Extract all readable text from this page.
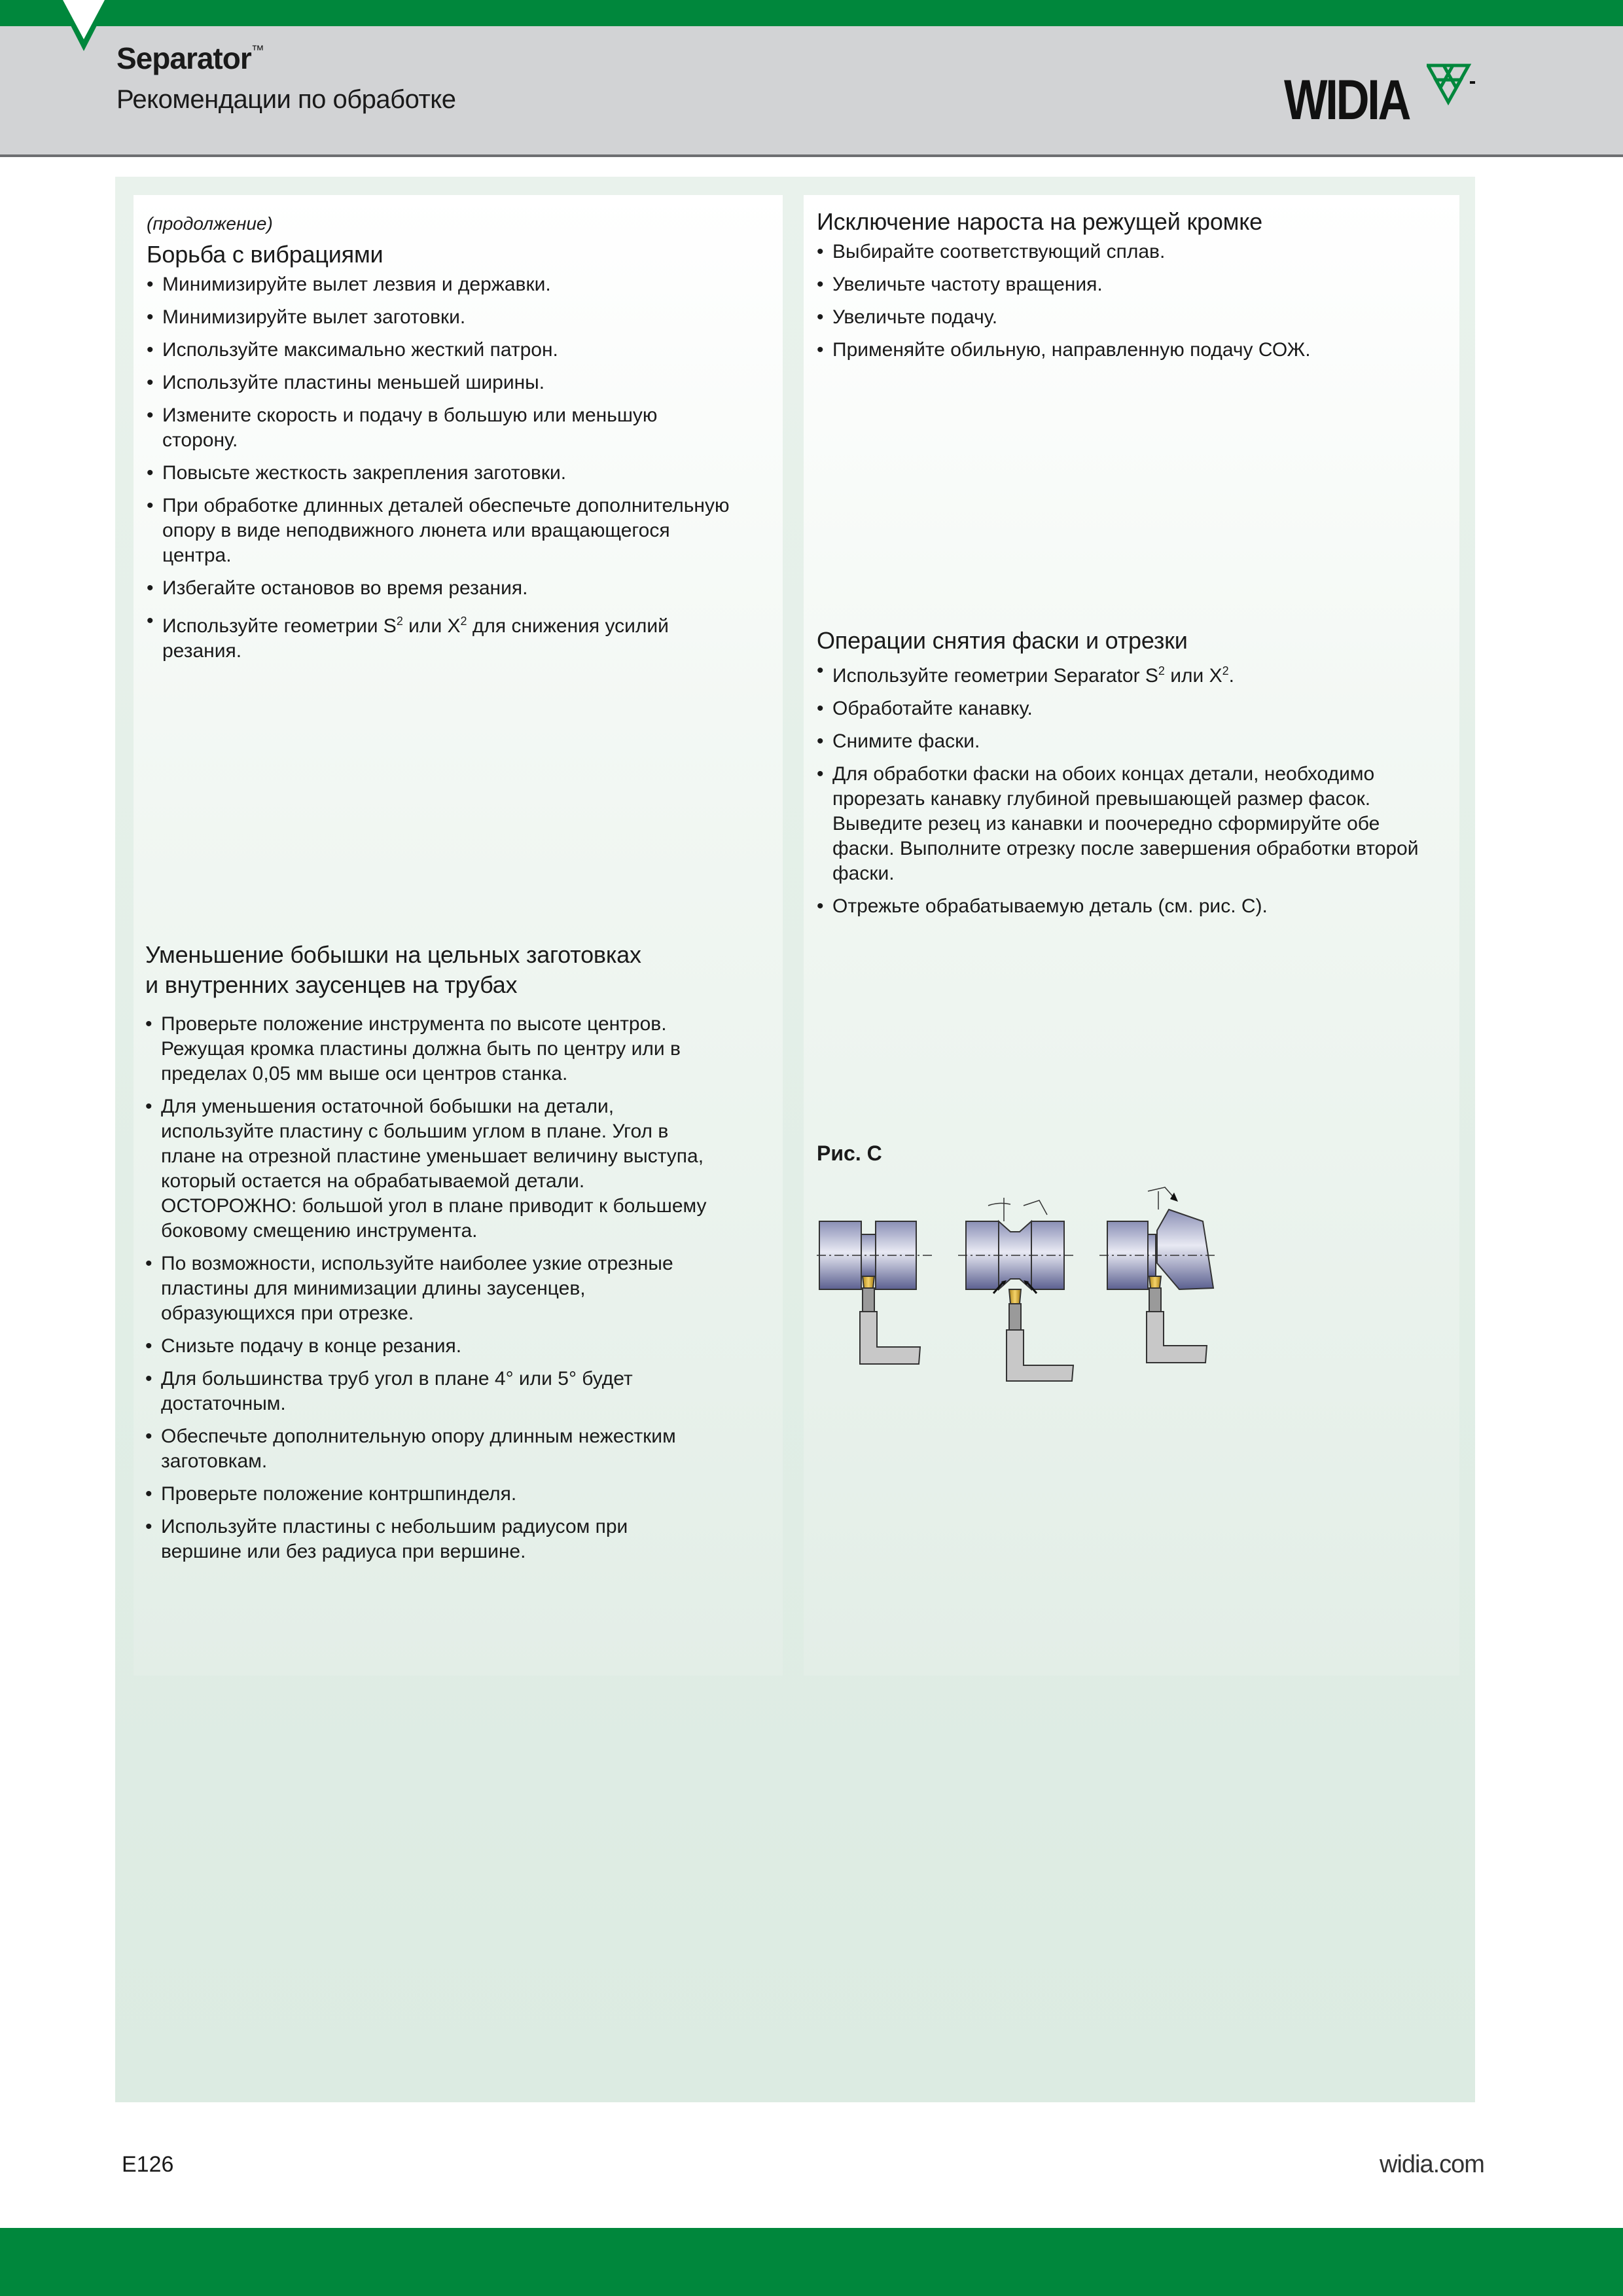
Separator™
Рекомендации по обработке	WIDIA
(продолжение)
Борьба с вибрациями
• Минимизируйте вылет лезвия и державки.
• Минимизируйте вылет заготовки.
• Используйте максимально жесткий патрон.
• Используйте пластины меньшей ширины.
• Измените скорость и подачу в большую или меньшую сторону.
• Повысьте жесткость закрепления заготовки.
• При обработке длинных деталей обеспечьте дополнительную опору в виде неподвижного люнета или вращающегося центра.
• Избегайте остановов во время резания.
• Используйте геометрии $S^2$ или $X^2$ для снижения усилий резания.
Уменьшение бобышки на цельных заготовках
и внутренних заусенцев на трубах
• Проверьте положение инструмента по высоте центров. Режущая кромка пластины должна быть по центру или в пределах 0,05 мм выше оси центров станка.
• Для уменьшения остаточной бобышки на детали, используйте пластину с большим углом в плане. Угол в плане на отрезной пластине уменьшает величину выступа, который остается на обрабатываемой детали. ОСТОРОЖНО: большой угол в плане приводит к большему боковому смещению инструмента.
• По возможности, используйте наиболее узкие отрезные пластины для минимизации длины заусенцев, образующихся при отрезке.
• Снизьте подачу в конце резания.
• Для большинства труб угол в плане 4° или 5° будет достаточным.
• Обеспечьте дополнительную опору длинным нежестким заготовкам.
• Проверьте положение контршпинделя.
• Используйте пластины с небольшим радиусом при вершине или без радиуса при вершине.
Исключение нароста на режущей кромке
• Выбирайте соответствующий сплав.
• Увеличьте частоту вращения.
• Увеличьте подачу.
• Применяйте обильную, направленную подачу СОЖ.
Операции снятия фаски и отрезки
• Используйте геометрии Separator $S^2$ или $X^2$.
• Обработайте канавку.
• Снимите фаски.
• Для обработки фаски на обоих концах детали, необходимо прорезать канавку глубиной превышающей размер фасок. Выведите резец из канавки и поочередно сформируйте обе фаски. Выполните отрезку после завершения обработки второй фаски.
• Отрежьте обрабатываемую деталь (см. рис. C).
Рис. C
E126	widia.com
